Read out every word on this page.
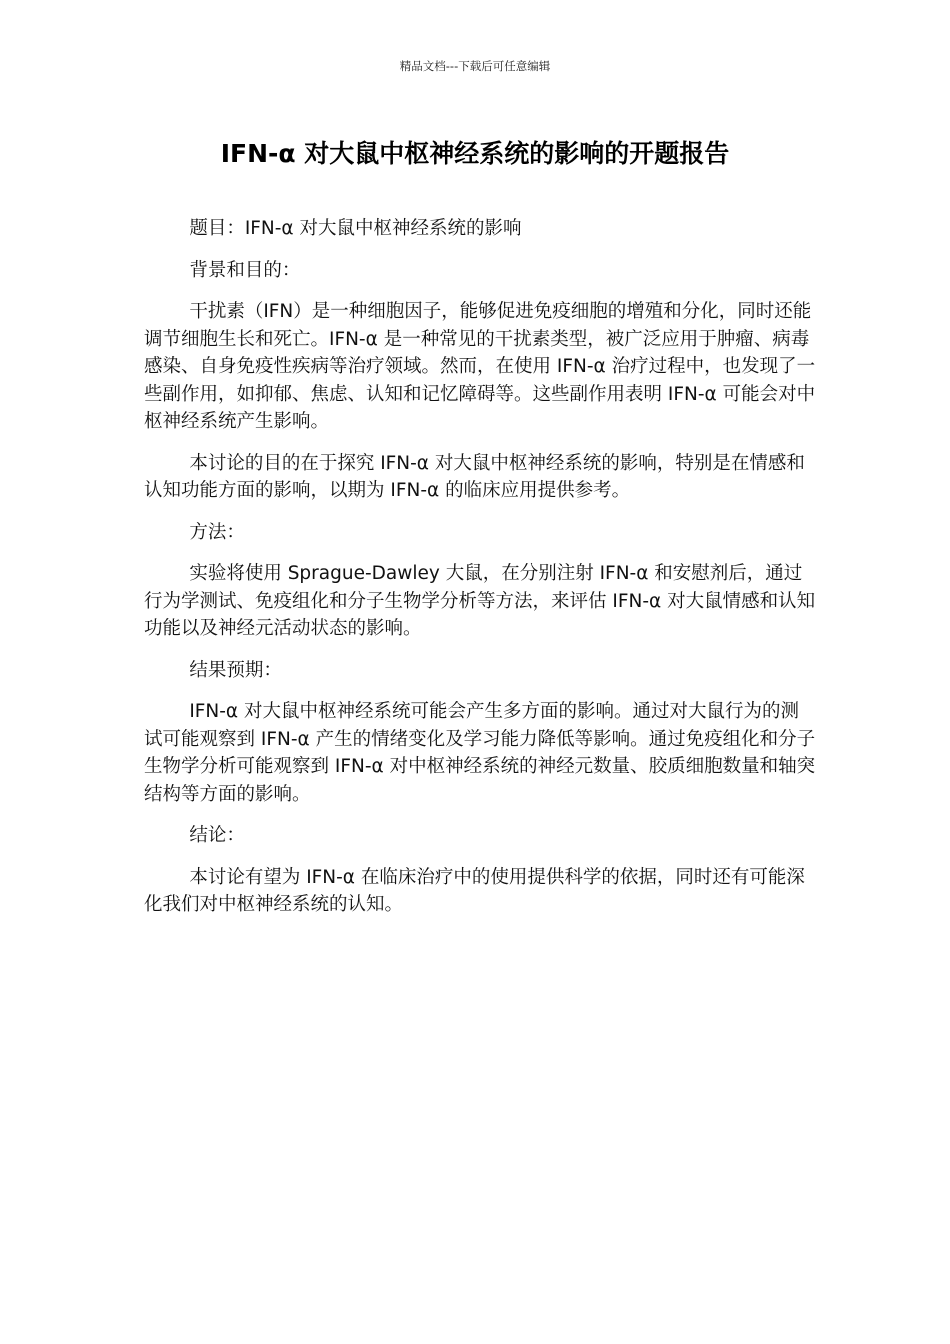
精品文档---下载后可任意编辑
IFN-α 对大鼠中枢神经系统的影响的开题报告

题目：IFN-α 对大鼠中枢神经系统的影响

背景和目的：

干扰素（IFN）是一种细胞因子，能够促进免疫细胞的增殖和分化，同时还能调节细胞生长和死亡。IFN-α 是一种常见的干扰素类型，被广泛应用于肿瘤、病毒感染、自身免疫性疾病等治疗领域。然而，在使用 IFN-α 治疗过程中，也发现了一些副作用，如抑郁、焦虑、认知和记忆障碍等。这些副作用表明 IFN-α 可能会对中枢神经系统产生影响。

本讨论的目的在于探究 IFN-α 对大鼠中枢神经系统的影响，特别是在情感和认知功能方面的影响，以期为 IFN-α 的临床应用提供参考。

方法：

实验将使用 Sprague-Dawley 大鼠，在分别注射 IFN-α 和安慰剂后，通过行为学测试、免疫组化和分子生物学分析等方法，来评估 IFN-α 对大鼠情感和认知功能以及神经元活动状态的影响。

结果预期：

IFN-α 对大鼠中枢神经系统可能会产生多方面的影响。通过对大鼠行为的测试可能观察到 IFN-α 产生的情绪变化及学习能力降低等影响。通过免疫组化和分子生物学分析可能观察到 IFN-α 对中枢神经系统的神经元数量、胶质细胞数量和轴突结构等方面的影响。

结论：

本讨论有望为 IFN-α 在临床治疗中的使用提供科学的依据，同时还有可能深化我们对中枢神经系统的认知。
